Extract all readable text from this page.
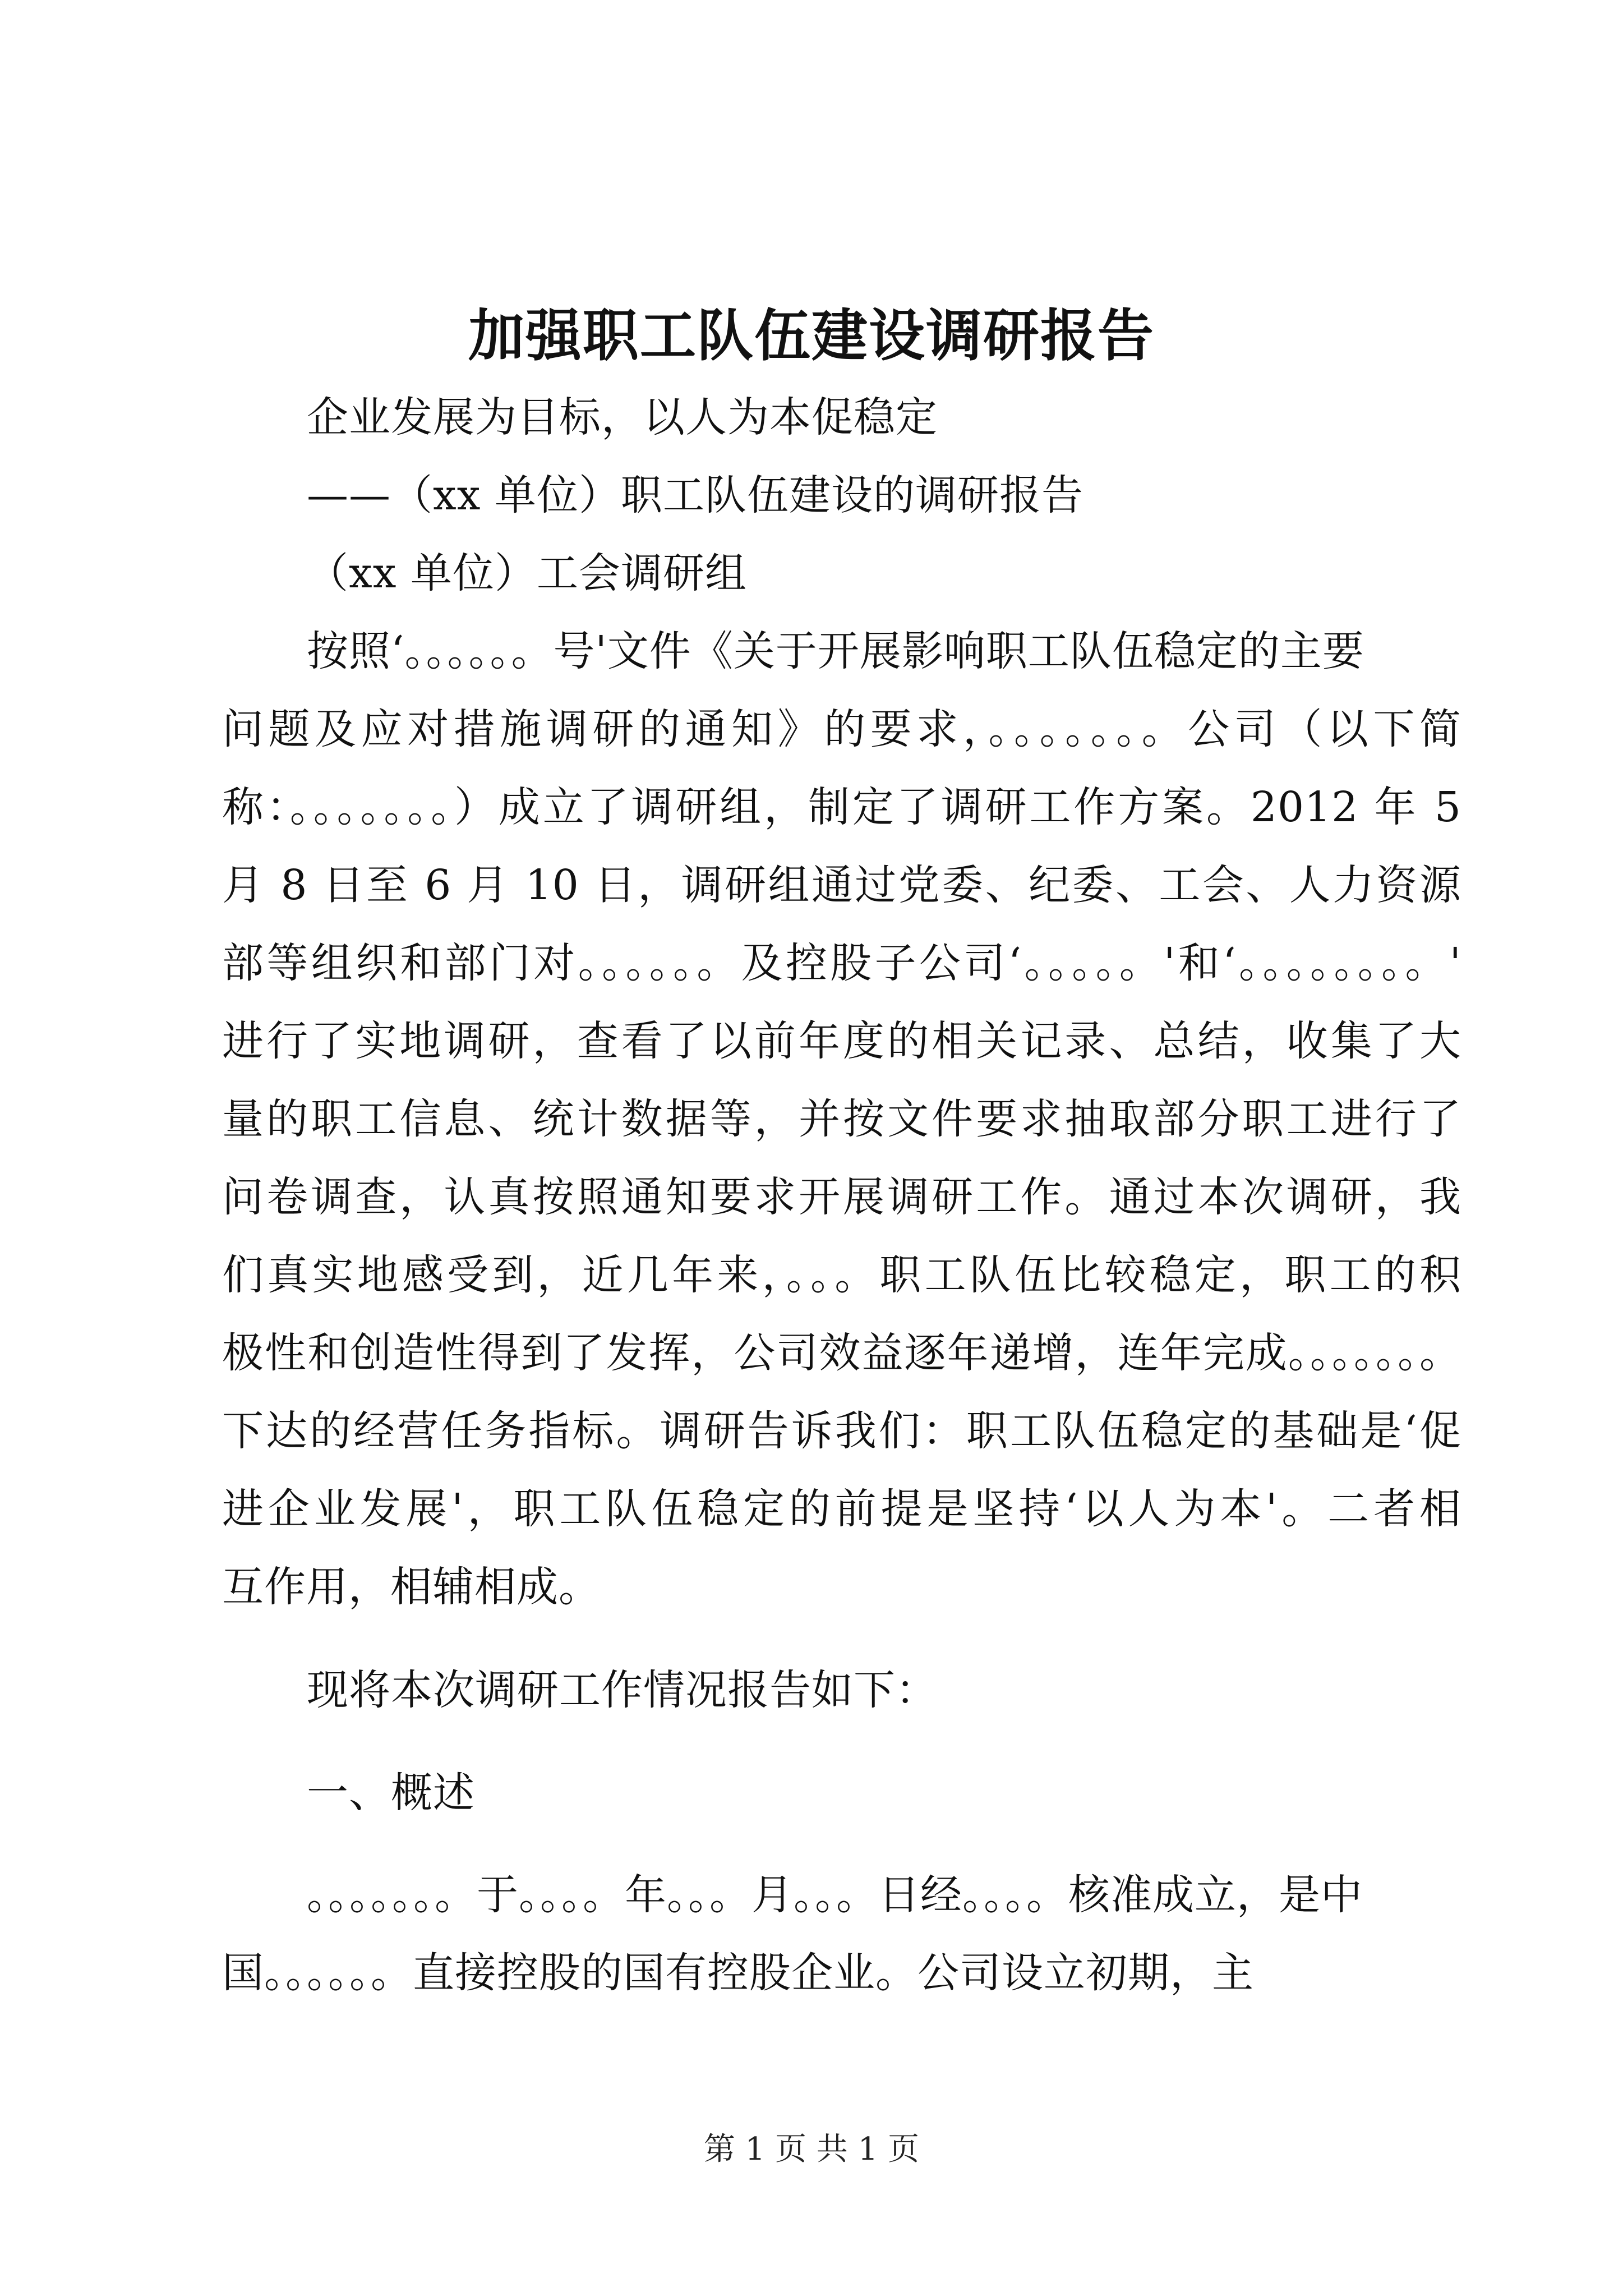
加强职工队伍建设调研报告
企业发展为目标，以人为本促稳定
——（xx 单位）职工队伍建设的调研报告
（xx 单位）工会调研组
按照‘。。。。。。号'文件《关于开展影响职工队伍稳定的主要
问题及应对措施调研的通知》的要求，。。。。。。。公司（以下简
称：。。。。。。。）成立了调研组，制定了调研工作方案。2012 年 5
月 8 日至 6 月 10 日，调研组通过党委、纪委、工会、人力资源
部等组织和部门对。。。。。。及控股子公司‘。。。。。'和‘。。。。。。。。'
进行了实地调研，查看了以前年度的相关记录、总结，收集了大
量的职工信息、统计数据等，并按文件要求抽取部分职工进行了
问卷调查，认真按照通知要求开展调研工作。通过本次调研，我
们真实地感受到，近几年来，。。。职工队伍比较稳定，职工的积
极性和创造性得到了发挥，公司效益逐年递增，连年完成。。。。。。。
下达的经营任务指标。调研告诉我们：职工队伍稳定的基础是‘促
进企业发展'，职工队伍稳定的前提是坚持‘以人为本'。二者相
互作用，相辅相成。
现将本次调研工作情况报告如下：
一、概述
。。。。。。。于。。。。年。。。月。。。日经。。。。核准成立，是中
国。。。。。。直接控股的国有控股企业。公司设立初期，主
第 1 页 共 1 页
